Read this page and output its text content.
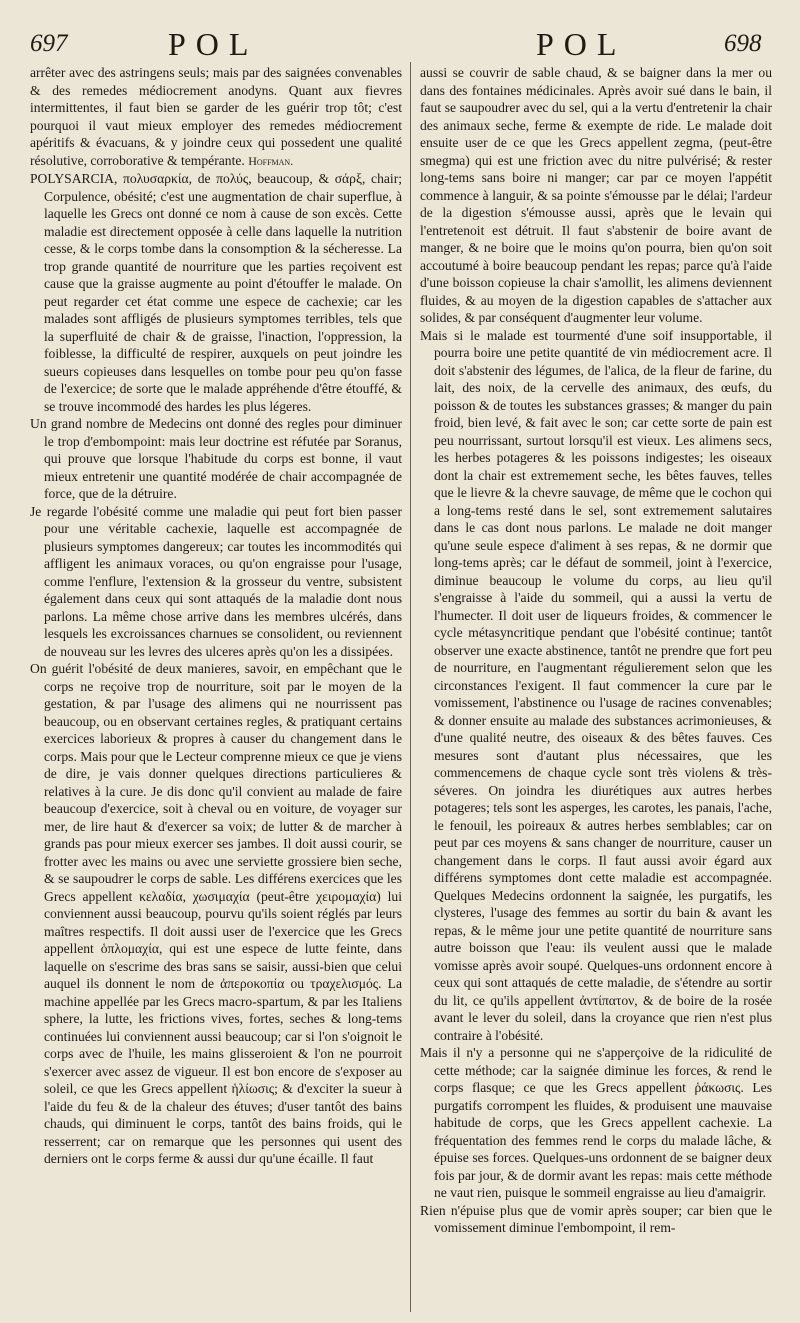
697	POL	POL	698

arrêter avec des astringens seuls; mais par des saignées convenables & des remedes médiocrement anodyns. Quant aux fievres intermittentes, il faut bien se garder de les guérir trop tôt; c'est pourquoi il vaut mieux employer des remedes médiocrement apéritifs & évacuans, & y joindre ceux qui possedent une qualité résolutive, corroborative & tempérante. Hoffman.

POLYSARCIA, πολυσαρκία, de πολύς, beaucoup, & σάρξ, chair; Corpulence, obésité; c'est une augmentation de chair superflue, à laquelle les Grecs ont donné ce nom à cause de son excès. Cette maladie est directement opposée à celle dans laquelle la nutrition cesse, & le corps tombe dans la consomption & la sécheresse. La trop grande quantité de nourriture que les parties reçoivent est cause que la graisse augmente au point d'étouffer le malade. On peut regarder cet état comme une espece de cachexie; car les malades sont affligés de plusieurs symptomes terribles, tels que la superfluité de chair & de graisse, l'inaction, l'oppression, la foiblesse, la difficulté de respirer, auxquels on peut joindre les sueurs copieuses dans lesquelles on tombe pour peu qu'on fasse de l'exercice; de sorte que le malade appréhende d'être étouffé, & se trouve incommodé des hardes les plus légeres.

Un grand nombre de Medecins ont donné des regles pour diminuer le trop d'embompoint: mais leur doctrine est réfutée par Soranus, qui prouve que lorsque l'habitude du corps est bonne, il vaut mieux entretenir une quantité modérée de chair accompagnée de force, que de la détruire.

Je regarde l'obésité comme une maladie qui peut fort bien passer pour une véritable cachexie, laquelle est accompagnée de plusieurs symptomes dangereux; car toutes les incommodités qui affligent les animaux voraces, ou qu'on engraisse pour l'usage, comme l'enflure, l'extension & la grosseur du ventre, subsistent également dans ceux qui sont attaqués de la maladie dont nous parlons. La même chose arrive dans les membres ulcérés, dans lesquels les excroissances charnues se consolident, ou reviennent de nouveau sur les levres des ulceres après qu'on les a dissipées.

On guérit l'obésité de deux manieres, savoir, en empêchant que le corps ne reçoive trop de nourriture, soit par le moyen de la gestation, & par l'usage des alimens qui ne nourrissent pas beaucoup, ou en observant certaines regles, & pratiquant certains exercices laborieux & propres à causer du changement dans le corps. Mais pour que le Lecteur comprenne mieux ce que je viens de dire, je vais donner quelques directions particulieres & relatives à la cure. Je dis donc qu'il convient au malade de faire beaucoup d'exercice, soit à cheval ou en voiture, de voyager sur mer, de lire haut & d'exercer sa voix; de lutter & de marcher à grands pas pour mieux exercer ses jambes. Il doit aussi courir, se frotter avec les mains ou avec une serviette grossiere bien seche, & se saupoudrer le corps de sable. Les différens exercices que les Grecs appellent κελαδία, χωσιμαχία (peut-être χειρομαχία) lui conviennent aussi beaucoup, pourvu qu'ils soient réglés par leurs maîtres respectifs. Il doit aussi user de l'exercice que les Grecs appellent ὁπλομαχία, qui est une espece de lutte feinte, dans laquelle on s'escrime des bras sans se saisir, aussi-bien que celui auquel ils donnent le nom de ἀπεροκοπία ou τραχελισμός. La machine appellée par les Grecs macro-spartum, & par les Italiens sphere, la lutte, les frictions vives, fortes, seches & long-tems continuées lui conviennent aussi beaucoup; car si l'on s'oignoit le corps avec de l'huile, les mains glisseroient & l'on ne pourroit s'exercer avec assez de vigueur. Il est bon encore de s'exposer au soleil, ce que les Grecs appellent ἡλίωσις; & d'exciter la sueur à l'aide du feu & de la chaleur des étuves; d'user tantôt des bains chauds, qui diminuent le corps, tantôt des bains froids, qui le resserrent; car on remarque que les personnes qui usent des derniers ont le corps ferme & aussi dur qu'une écaille. Il faut

aussi se couvrir de sable chaud, & se baigner dans la mer ou dans des fontaines médicinales. Après avoir sué dans le bain, il faut se saupoudrer avec du sel, qui a la vertu d'entretenir la chair des animaux seche, ferme & exempte de ride. Le malade doit ensuite user de ce que les Grecs appellent zegma, (peut-être smegma) qui est une friction avec du nitre pulvérisé; & rester long-tems sans boire ni manger; car par ce moyen l'appétit commence à languir, & sa pointe s'émousse par le délai; l'ardeur de la digestion s'émousse aussi, après que le levain qui l'entretenoit est détruit. Il faut s'abstenir de boire avant de manger, & ne boire que le moins qu'on pourra, bien qu'on soit accoutumé à boire beaucoup pendant les repas; parce qu'à l'aide d'une boisson copieuse la chair s'amollit, les alimens deviennent fluides, & au moyen de la digestion capables de s'attacher aux solides, & par conséquent d'augmenter leur volume.

Mais si le malade est tourmenté d'une soif insupportable, il pourra boire une petite quantité de vin médiocrement acre. Il doit s'abstenir des légumes, de l'alica, de la fleur de farine, du lait, des noix, de la cervelle des animaux, des œufs, du poisson & de toutes les substances grasses; & manger du pain froid, bien levé, & fait avec le son; car cette sorte de pain est peu nourrissant, surtout lorsqu'il est vieux. Les alimens secs, les herbes potageres & les poissons indigestes; les oiseaux dont la chair est extremement seche, les bêtes fauves, telles que le lievre & la chevre sauvage, de même que le cochon qui a long-tems resté dans le sel, sont extremement salutaires dans le cas dont nous parlons. Le malade ne doit manger qu'une seule espece d'aliment à ses repas, & ne dormir que long-tems après; car le défaut de sommeil, joint à l'exercice, diminue beaucoup le volume du corps, au lieu qu'il s'engraisse à l'aide du sommeil, qui a aussi la vertu de l'humecter. Il doit user de liqueurs froides, & commencer le cycle métasyncritique pendant que l'obésité continue; tantôt observer une exacte abstinence, tantôt ne prendre que fort peu de nourriture, en l'augmentant régulierement selon que les circonstances l'exigent. Il faut commencer la cure par le vomissement, l'abstinence ou l'usage de racines convenables; & donner ensuite au malade des substances acrimonieuses, & d'une qualité neutre, des oiseaux & des bêtes fauves. Ces mesures sont d'autant plus nécessaires, que les commencemens de chaque cycle sont très violens & très-séveres. On joindra les diurétiques aux autres herbes potageres; tels sont les asperges, les carotes, les panais, l'ache, le fenouil, les poireaux & autres herbes semblables; car on peut par ces moyens & sans changer de nourriture, causer un changement dans le corps. Il faut aussi avoir égard aux différens symptomes dont cette maladie est accompagnée. Quelques Medecins ordonnent la saignée, les purgatifs, les clysteres, l'usage des femmes au sortir du bain & avant les repas, & le même jour une petite quantité de nourriture sans autre boisson que l'eau: ils veulent aussi que le malade vomisse après avoir soupé. Quelques-uns ordonnent encore à ceux qui sont attaqués de cette maladie, de s'étendre au sortir du lit, ce qu'ils appellent ἀντίπατον, & de boire de la rosée avant le lever du soleil, dans la croyance que rien n'est plus contraire à l'obésité.

Mais il n'y a personne qui ne s'apperçoive de la ridiculité de cette méthode; car la saignée diminue les forces, & rend le corps flasque; ce que les Grecs appellent ῥάκωσις. Les purgatifs corrompent les fluides, & produisent une mauvaise habitude de corps, que les Grecs appellent cachexie. La fréquentation des femmes rend le corps du malade lâche, & épuise ses forces. Quelques-uns ordonnent de se baigner deux fois par jour, & de dormir avant les repas: mais cette méthode ne vaut rien, puisque le sommeil engraisse au lieu d'amaigrir.

Rien n'épuise plus que de vomir après souper; car bien que le vomissement diminue l'embompoint, il rem-
